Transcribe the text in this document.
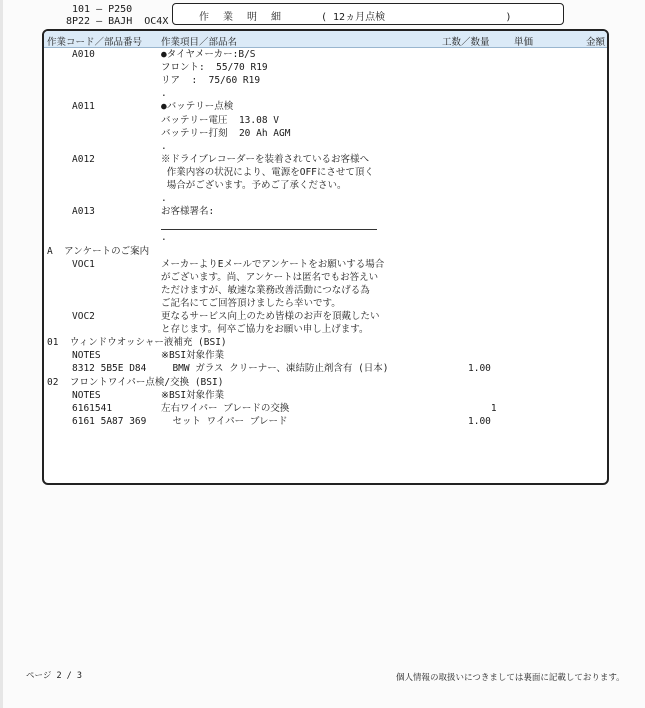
101 — P250
8P22 — BAJH  OC4X	作 業 明 細	( 12ヵ月点検                    )
作業コード／部品番号 作業項目／部品名	工数／数量	単価	金額
A010	●タイヤメーカー:B/S
フロント:  55/70 R19
リア  :  75/60 R19
.
A011	●バッテリー点検
バッテリー電圧  13.08 V
バッテリー打刻  20 Ah AGM
.
A012	※ドライブレコーダーを装着されているお客様へ
作業内容の状況により、電源をOFFにさせて頂く
場合がございます。予めご了承ください。
.
A013	お客様署名:
.
A  アンケートのご案内
VOC1	メーカーよりEメールでアンケートをお願いする場合
がございます。尚、アンケートは匿名でもお答えい
ただけますが、敏速な業務改善活動につなげる為
ご記名にてご回答頂けましたら幸いです。
VOC2	更なるサービス向上のため皆様のお声を頂戴したい
と存じます。何卒ご協力をお願い申し上げます。
01  ウィンドウオッシャー液補充 (BSI)
NOTES	※BSI対象作業
8312 5B5E D84 BMW ガラス クリーナー、凍結防止剤含有 (日本)	1.00
02  フロントワイパー点検/交換 (BSI)
NOTES	※BSI対象作業
6161541	左右ワイパー ブレードの交換	1
6161 5A87 369 セット ワイパー ブレード	1.00
ページ 2 / 3	個人情報の取扱いにつきましては裏面に記載しております。
